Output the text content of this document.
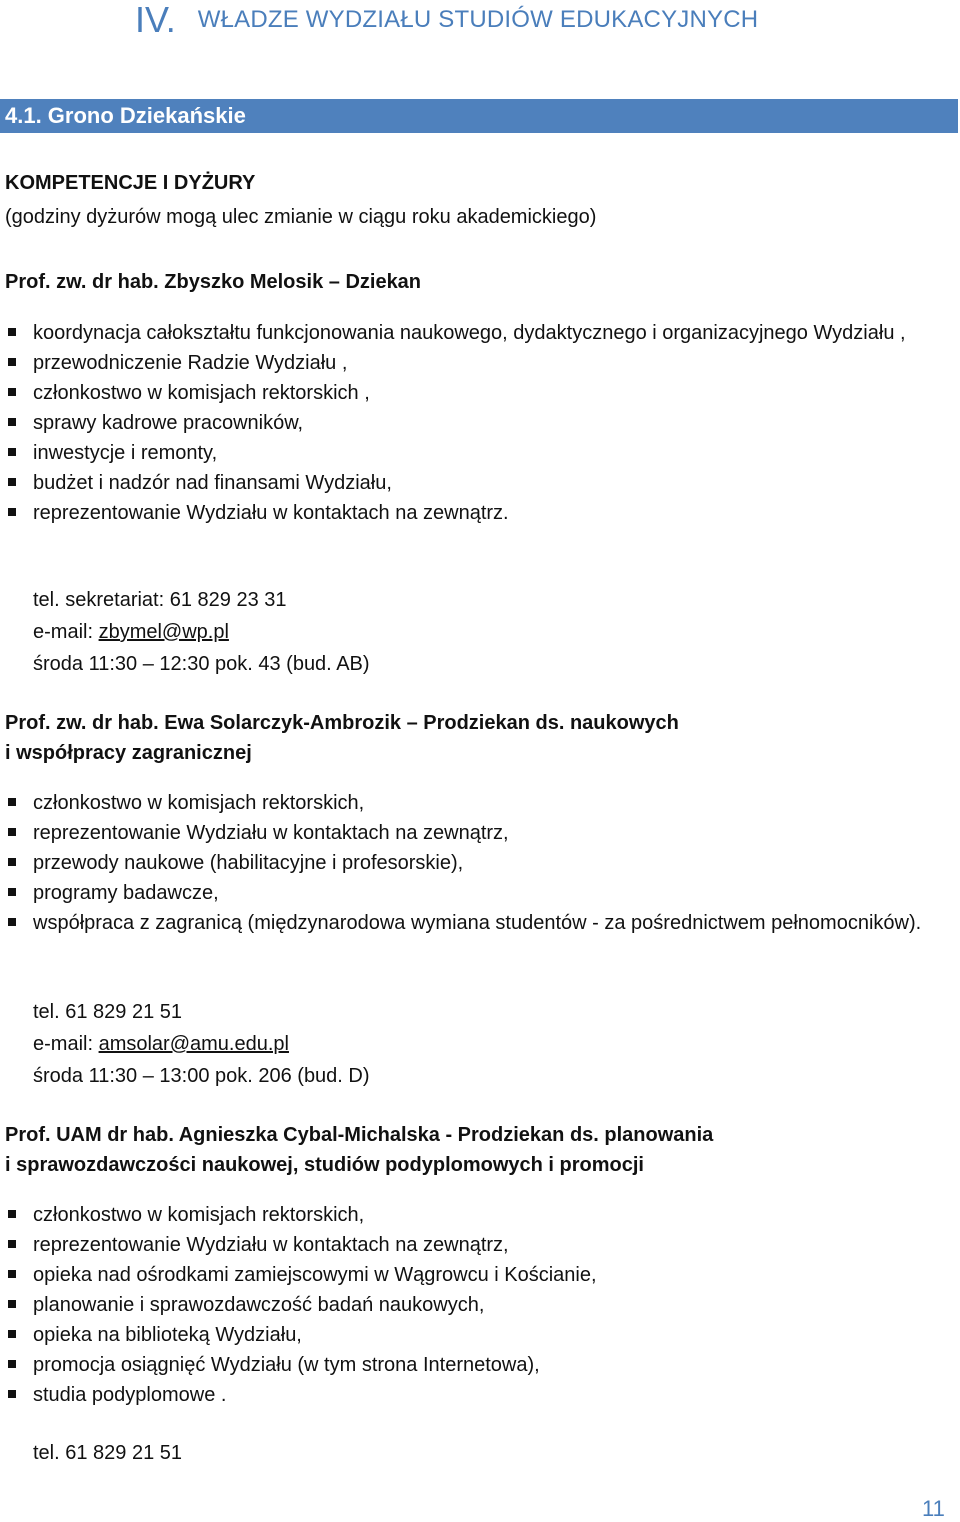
IV. WŁADZE WYDZIAŁU STUDIÓW EDUKACYJNYCH
4.1. Grono Dziekańskie
KOMPETENCJE I DYŻURY
(godziny dyżurów mogą ulec zmianie w ciągu roku akademickiego)
Prof. zw. dr hab. Zbyszko Melosik – Dziekan
koordynacja całokształtu funkcjonowania naukowego, dydaktycznego i organizacyjnego Wydziału ,
przewodniczenie Radzie Wydziału ,
członkostwo w komisjach rektorskich ,
sprawy kadrowe pracowników,
inwestycje i remonty,
budżet i nadzór nad finansami Wydziału,
reprezentowanie Wydziału w kontaktach na zewnątrz.
tel. sekretariat: 61 829 23 31
e-mail: zbymel@wp.pl
środa 11:30 – 12:30 pok. 43 (bud. AB)
Prof. zw. dr hab. Ewa Solarczyk-Ambrozik – Prodziekan ds. naukowych
i współpracy zagranicznej
członkostwo w komisjach rektorskich,
reprezentowanie Wydziału w kontaktach na zewnątrz,
przewody naukowe (habilitacyjne i profesorskie),
programy badawcze,
współpraca z zagranicą (międzynarodowa wymiana studentów - za pośrednictwem pełnomocników).
tel. 61 829 21 51
e-mail: amsolar@amu.edu.pl
środa 11:30 – 13:00 pok. 206 (bud. D)
Prof. UAM dr hab. Agnieszka Cybal-Michalska - Prodziekan ds. planowania
i sprawozdawczości naukowej, studiów podyplomowych i promocji
członkostwo w komisjach rektorskich,
reprezentowanie Wydziału w kontaktach na zewnątrz,
opieka nad ośrodkami zamiejscowymi w Wągrowcu i Kościanie,
planowanie i sprawozdawczość badań naukowych,
opieka na biblioteką Wydziału,
promocja osiągnięć Wydziału (w tym strona Internetowa),
studia podyplomowe .
tel. 61 829 21 51
11
